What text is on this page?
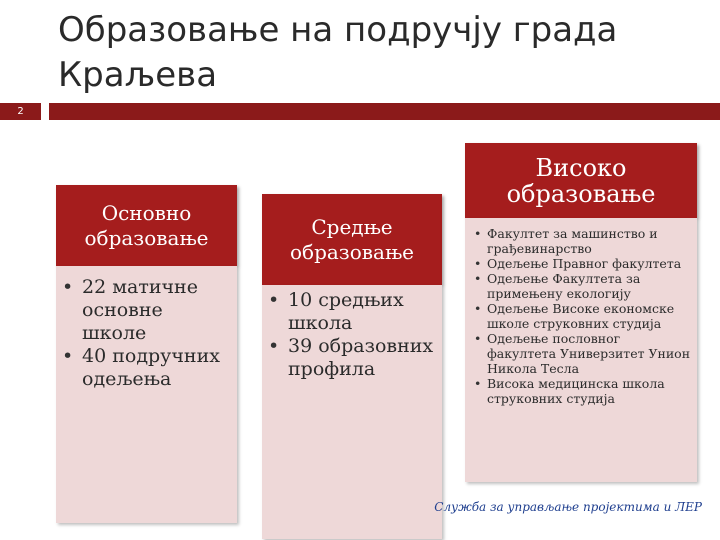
2
Образовање на подручју града Краљева
Основно образовање
• 22 матичне основне школе
• 40 подручних одељења
Средње образовање
• 10 средњих школа
• 39 образовних профила
Високо образовање
• Факултет за машинство и грађевинарство
• Одељење Правног факултета
• Одељење Факултета за примењену екологију
• Одељење Високе економске школе струковних студија
• Одељење пословног факултета Универзитет Унион Никола Тесла
• Висока медицинска школа струковних студија
Служба за управљање пројектима и ЛЕР
